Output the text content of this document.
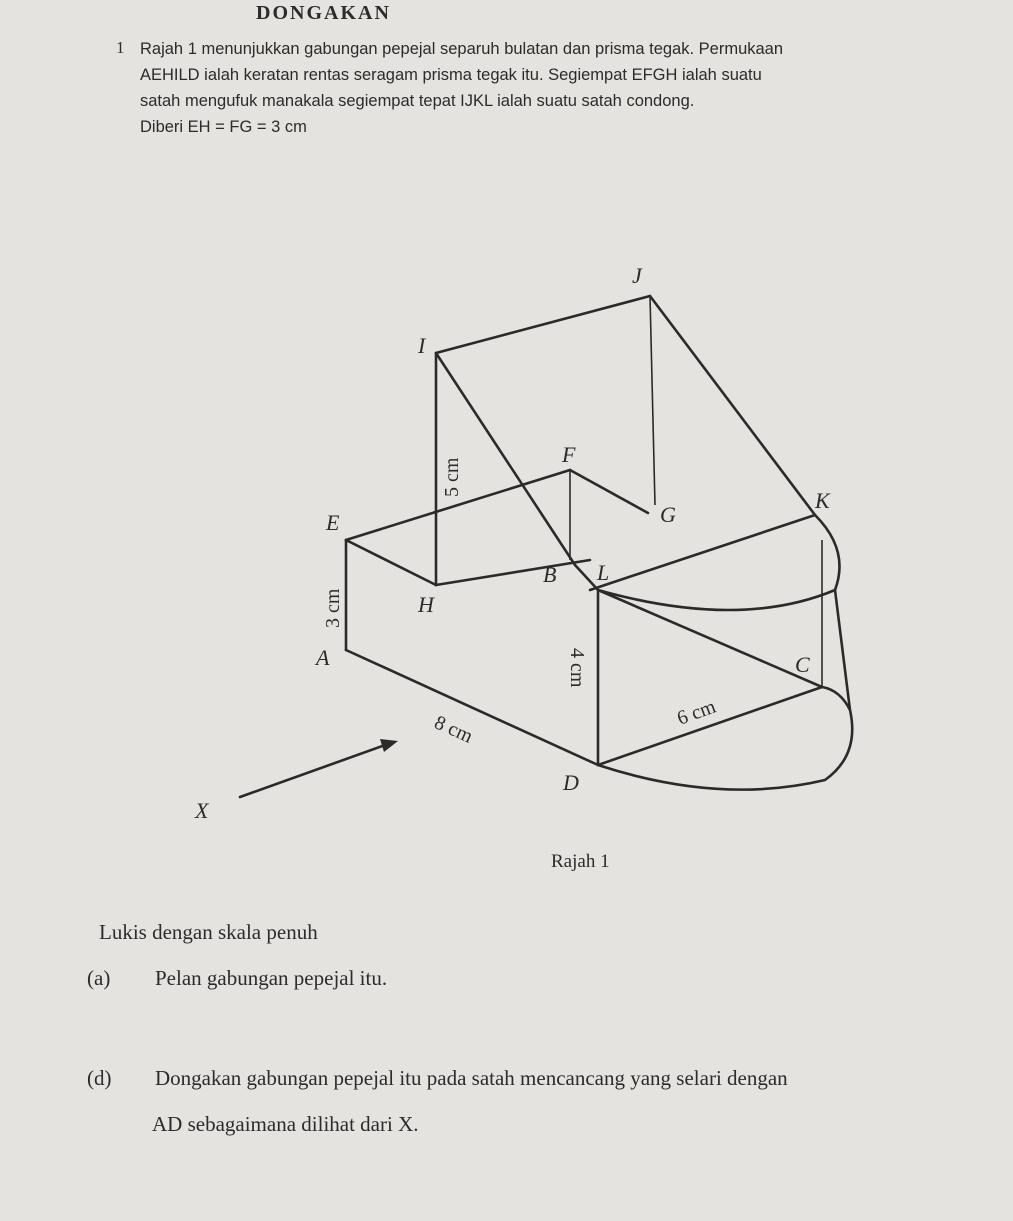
DONGAKAN
1 Rajah 1 menunjukkan gabungan pepejal separuh bulatan dan prisma tegak. Permukaan

AEHILD ialah keratan rentas seragam prisma tegak itu. Segiempat EFGH ialah suatu

satah mengufuk manakala segiempat tepat IJKL ialah suatu satah condong.

Diberi EH = FG = 3 cm

J
I
F
G
K
E
B L
H
A	C
D
X
5 cm
3 cm
4 cm
6 cm
8 cm
Rajah 1
Lukis dengan skala penuh
(a) Pelan gabungan pepejal itu.
(d) Dongakan gabungan pepejal itu pada satah mencancang yang selari dengan
AD sebagaimana dilihat dari X.
